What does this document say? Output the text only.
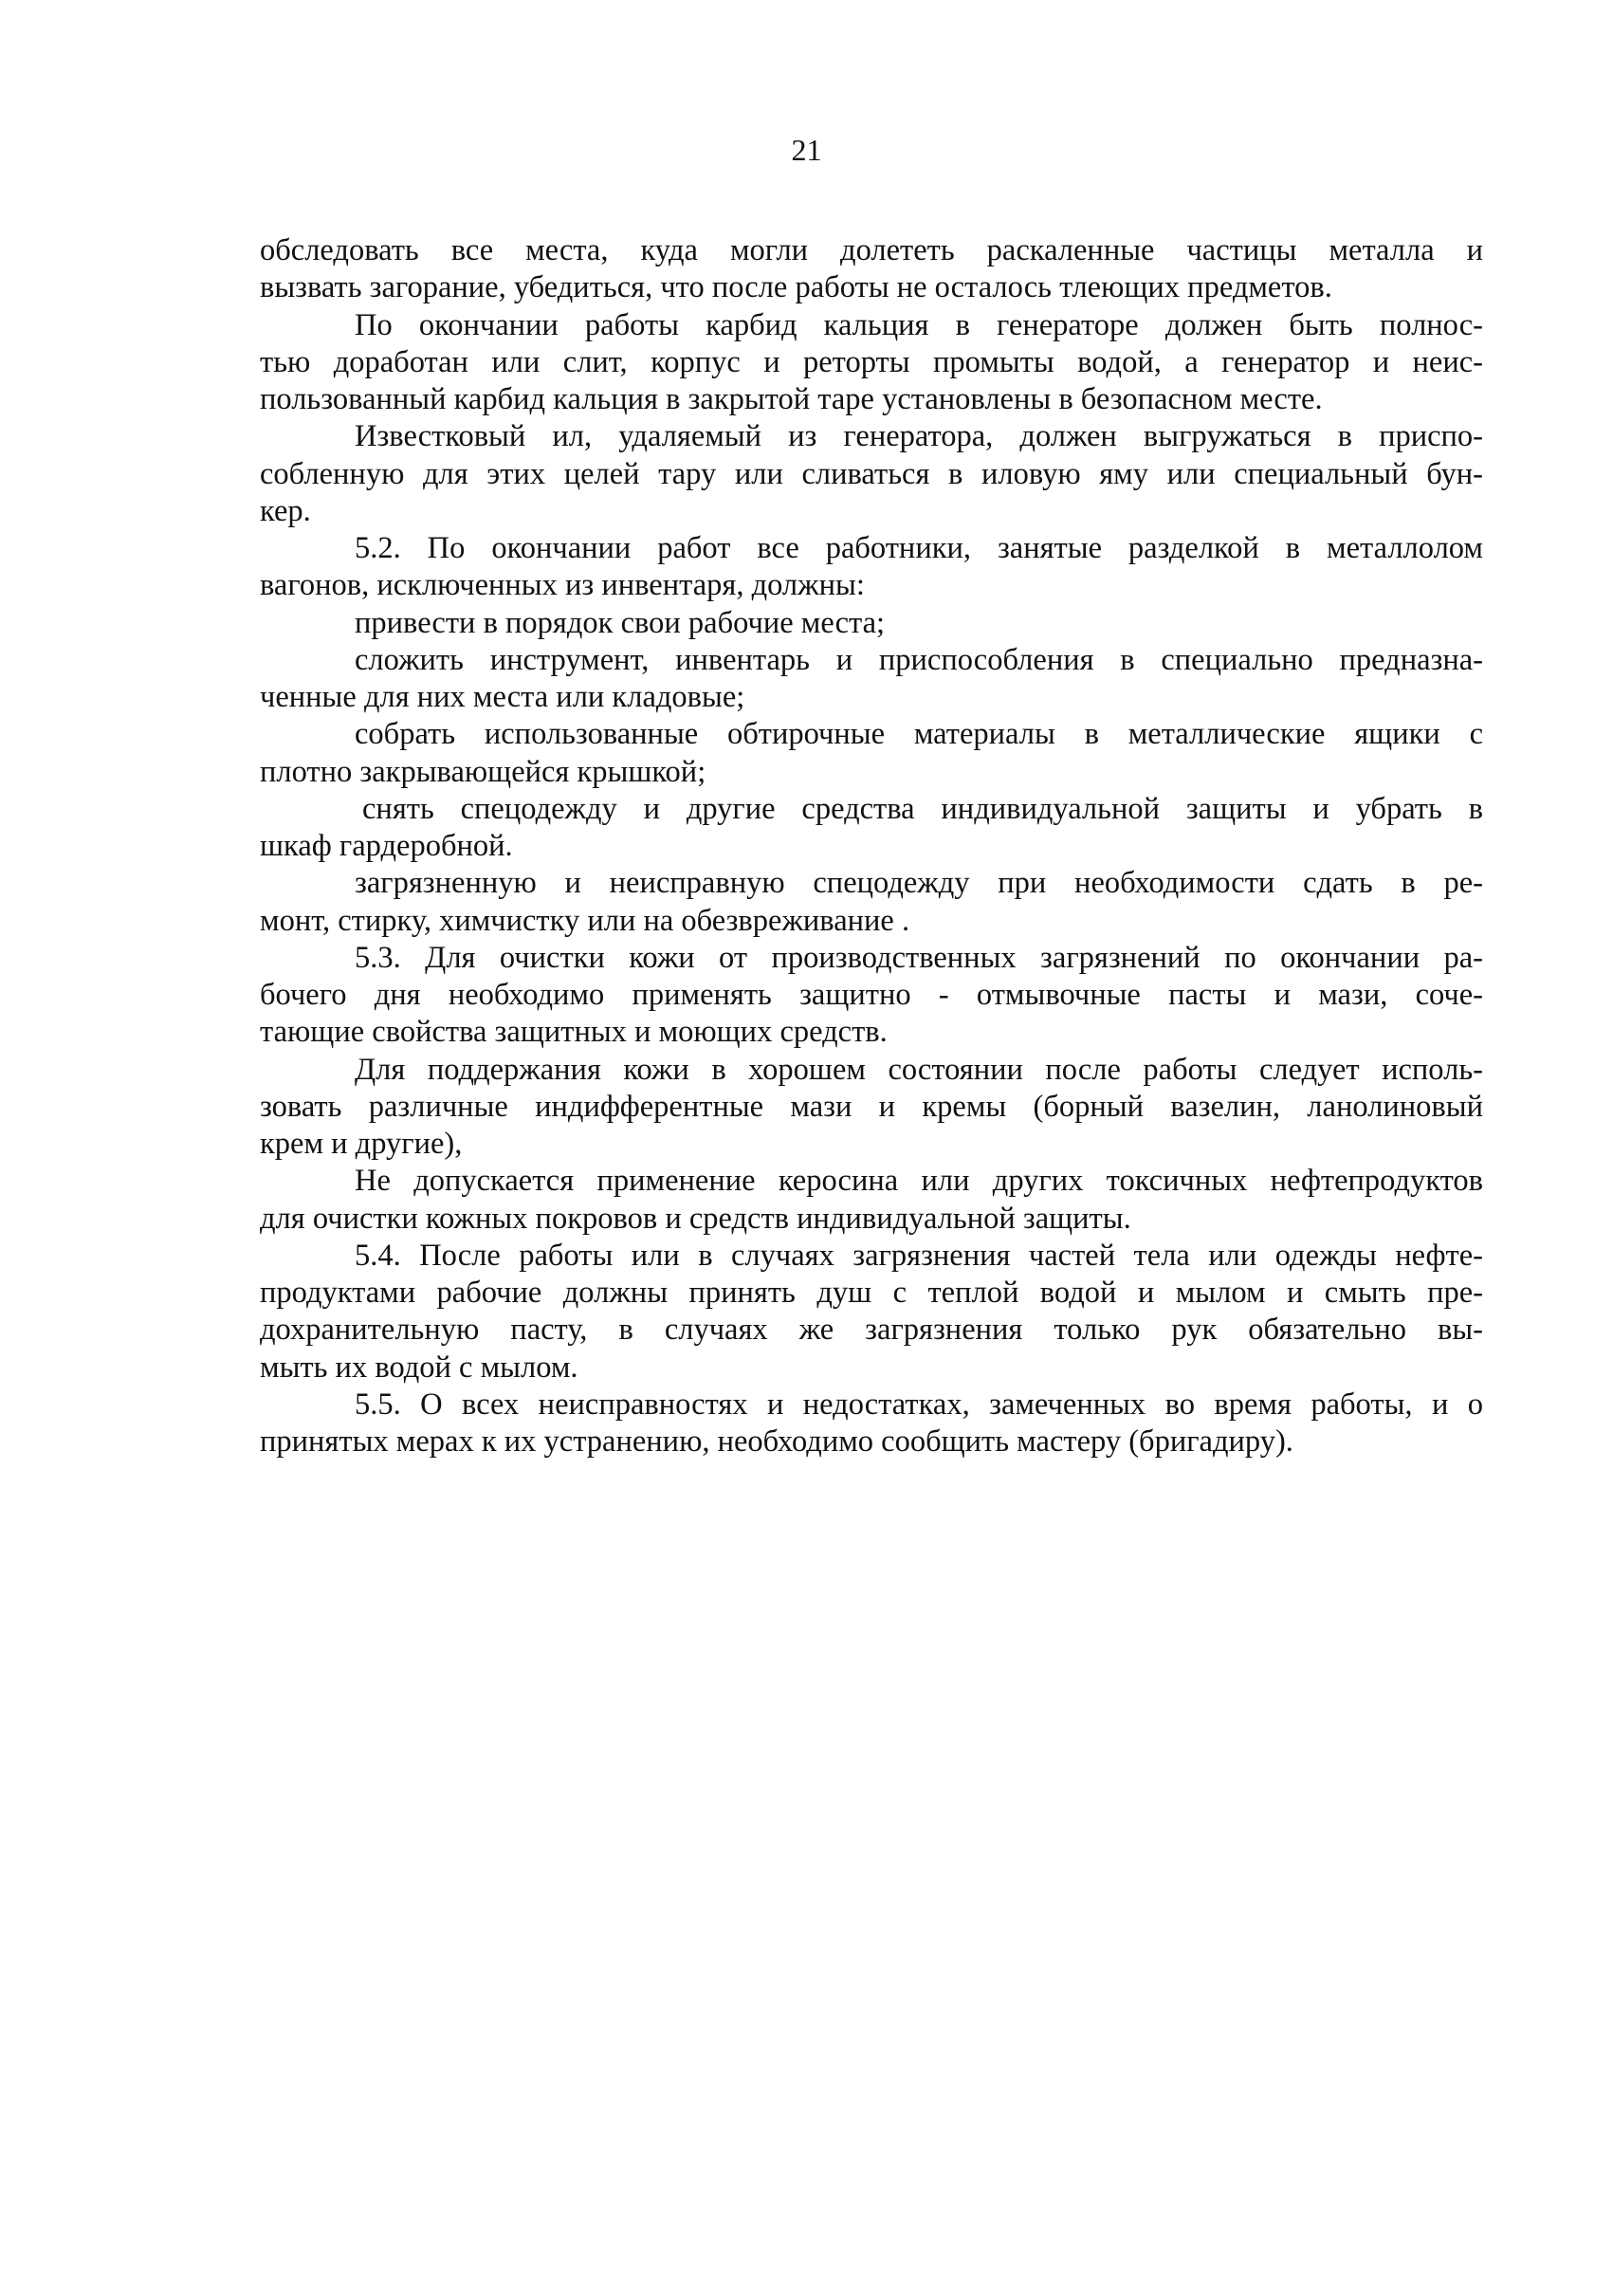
21
обследовать все места, куда могли долететь раскаленные частицы металла и
вызвать загорание, убедиться, что после работы не осталось тлеющих предметов.
По окончании работы карбид кальция в генераторе должен быть полнос-
тью доработан или слит, корпус и реторты промыты водой, а генератор и неис-
пользованный карбид кальция в закрытой таре установлены в безопасном месте.
Известковый ил, удаляемый из генератора, должен выгружаться в приспо-
собленную для этих целей тару или сливаться в иловую яму или специальный бун-
кер.
5.2. По окончании работ все работники, занятые разделкой в металлолом
вагонов, исключенных из инвентаря, должны:
привести в порядок свои рабочие места;
сложить инструмент, инвентарь и приспособления в специально предназна-
ченные для них места или кладовые;
собрать использованные обтирочные материалы в металлические ящики с
плотно закрывающейся крышкой;
снять спецодежду и другие средства индивидуальной защиты и убрать в
шкаф гардеробной.
загрязненную и неисправную спецодежду при необходимости сдать в ре-
монт, стирку, химчистку или на обезвреживание .
5.3. Для очистки кожи от производственных загрязнений по окончании ра-
бочего дня необходимо применять защитно - отмывочные пасты и мази, соче-
тающие свойства защитных и моющих средств.
Для поддержания кожи в хорошем состоянии после работы следует исполь-
зовать различные индифферентные мази и кремы (борный вазелин, ланолиновый
крем и другие),
Не допускается применение керосина или других токсичных нефтепродуктов
для очистки кожных покровов и средств индивидуальной защиты.
5.4. После работы или в случаях загрязнения частей тела или одежды нефте-
продуктами рабочие должны принять душ с теплой водой и мылом и смыть пре-
дохранительную пасту, в случаях же загрязнения только рук обязательно вы-
мыть их водой с мылом.
5.5. О всех неисправностях и недостатках, замеченных во время работы, и о
принятых мерах к их устранению, необходимо сообщить мастеру (бригадиру).
